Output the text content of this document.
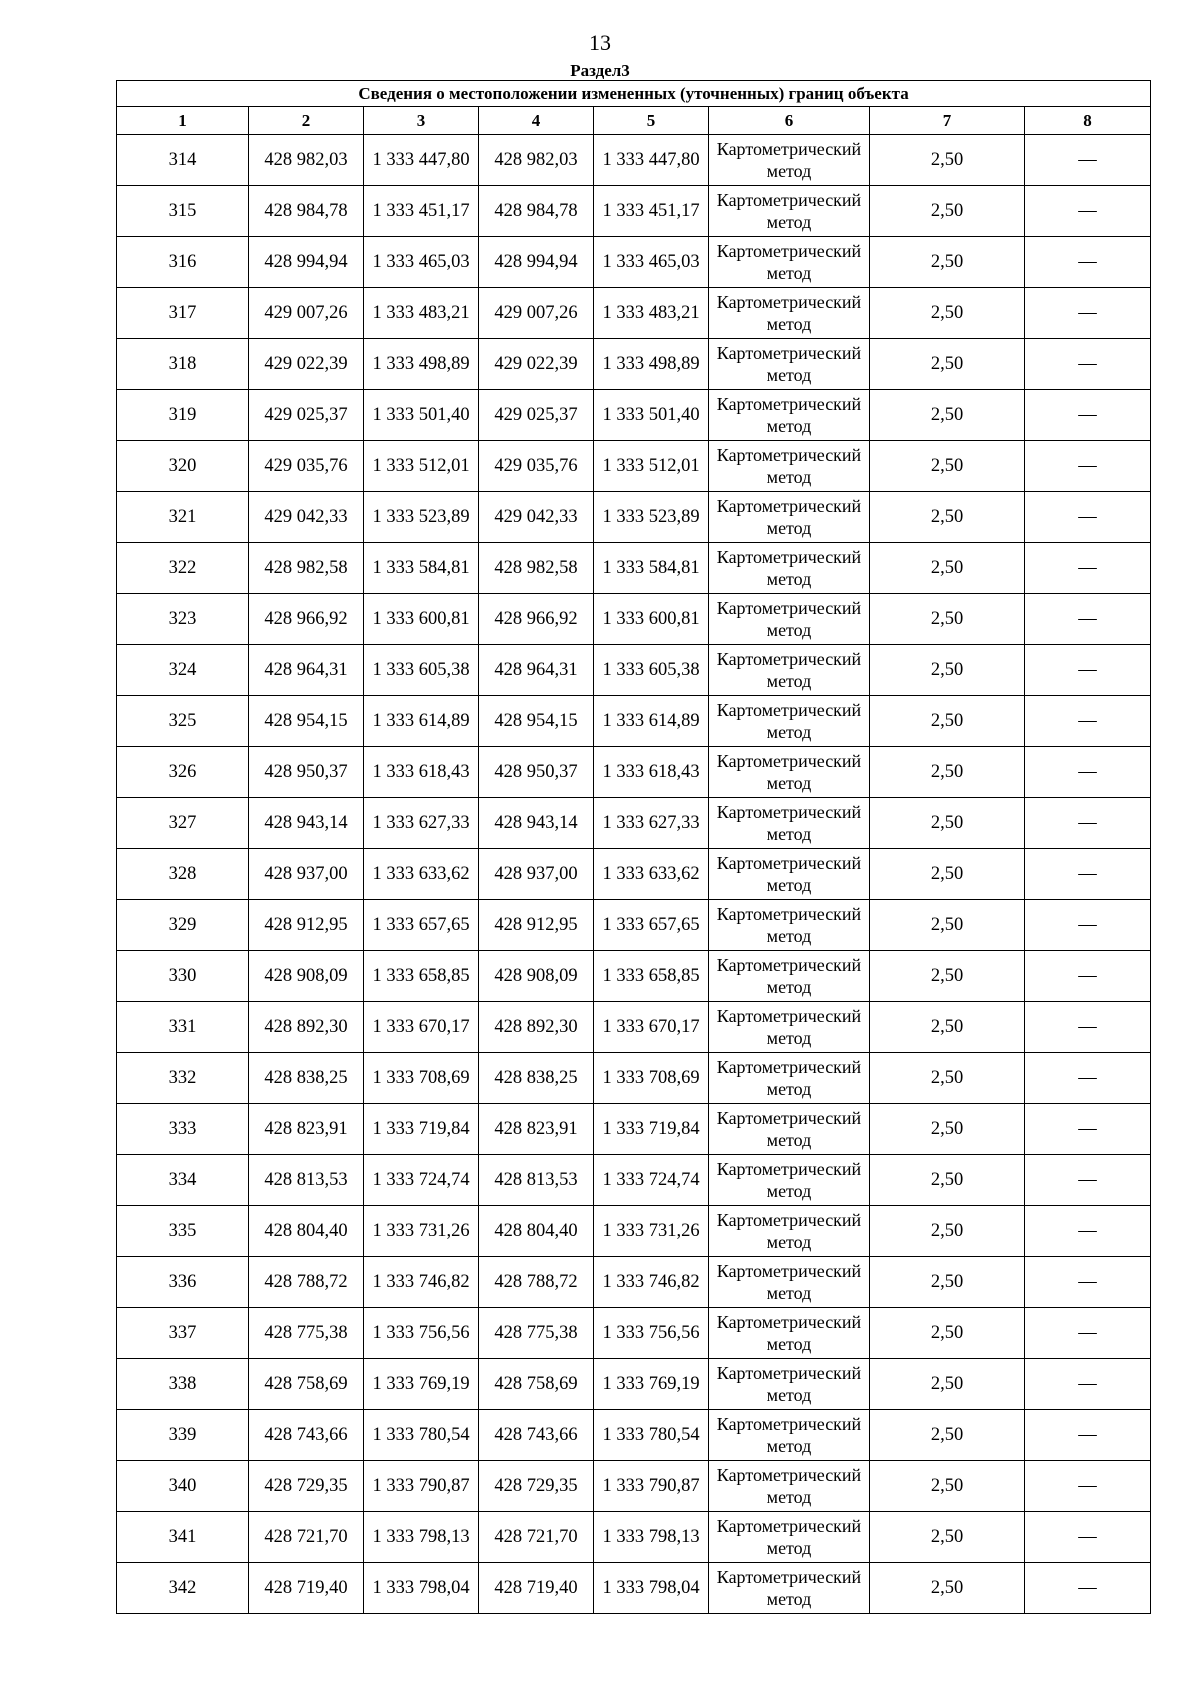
13
Раздел3
Сведения о местоположении измененных (уточненных) границ объекта							
1	2	3	4	5	6	7	8
314	428 982,03	1 333 447,80	428 982,03	1 333 447,80	Картометрический метод	2,50	—
315	428 984,78	1 333 451,17	428 984,78	1 333 451,17	Картометрический метод	2,50	—
316	428 994,94	1 333 465,03	428 994,94	1 333 465,03	Картометрический метод	2,50	—
317	429 007,26	1 333 483,21	429 007,26	1 333 483,21	Картометрический метод	2,50	—
318	429 022,39	1 333 498,89	429 022,39	1 333 498,89	Картометрический метод	2,50	—
319	429 025,37	1 333 501,40	429 025,37	1 333 501,40	Картометрический метод	2,50	—
320	429 035,76	1 333 512,01	429 035,76	1 333 512,01	Картометрический метод	2,50	—
321	429 042,33	1 333 523,89	429 042,33	1 333 523,89	Картометрический метод	2,50	—
322	428 982,58	1 333 584,81	428 982,58	1 333 584,81	Картометрический метод	2,50	—
323	428 966,92	1 333 600,81	428 966,92	1 333 600,81	Картометрический метод	2,50	—
324	428 964,31	1 333 605,38	428 964,31	1 333 605,38	Картометрический метод	2,50	—
325	428 954,15	1 333 614,89	428 954,15	1 333 614,89	Картометрический метод	2,50	—
326	428 950,37	1 333 618,43	428 950,37	1 333 618,43	Картометрический метод	2,50	—
327	428 943,14	1 333 627,33	428 943,14	1 333 627,33	Картометрический метод	2,50	—
328	428 937,00	1 333 633,62	428 937,00	1 333 633,62	Картометрический метод	2,50	—
329	428 912,95	1 333 657,65	428 912,95	1 333 657,65	Картометрический метод	2,50	—
330	428 908,09	1 333 658,85	428 908,09	1 333 658,85	Картометрический метод	2,50	—
331	428 892,30	1 333 670,17	428 892,30	1 333 670,17	Картометрический метод	2,50	—
332	428 838,25	1 333 708,69	428 838,25	1 333 708,69	Картометрический метод	2,50	—
333	428 823,91	1 333 719,84	428 823,91	1 333 719,84	Картометрический метод	2,50	—
334	428 813,53	1 333 724,74	428 813,53	1 333 724,74	Картометрический метод	2,50	—
335	428 804,40	1 333 731,26	428 804,40	1 333 731,26	Картометрический метод	2,50	—
336	428 788,72	1 333 746,82	428 788,72	1 333 746,82	Картометрический метод	2,50	—
337	428 775,38	1 333 756,56	428 775,38	1 333 756,56	Картометрический метод	2,50	—
338	428 758,69	1 333 769,19	428 758,69	1 333 769,19	Картометрический метод	2,50	—
339	428 743,66	1 333 780,54	428 743,66	1 333 780,54	Картометрический метод	2,50	—
340	428 729,35	1 333 790,87	428 729,35	1 333 790,87	Картометрический метод	2,50	—
341	428 721,70	1 333 798,13	428 721,70	1 333 798,13	Картометрический метод	2,50	—
342	428 719,40	1 333 798,04	428 719,40	1 333 798,04	Картометрический метод	2,50	—
